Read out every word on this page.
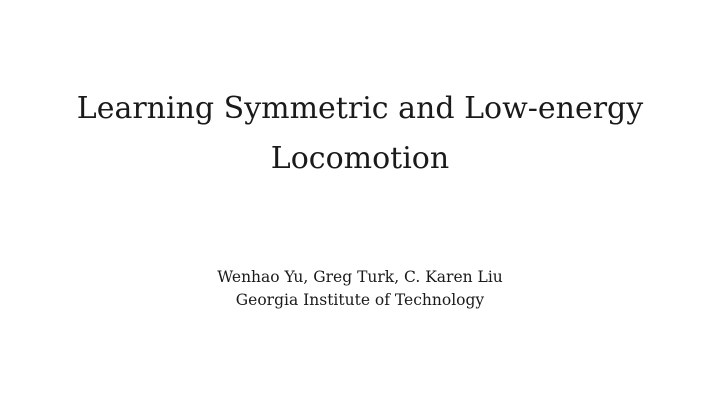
Learning Symmetric and Low-energy
Locomotion
Wenhao Yu, Greg Turk, C. Karen Liu
Georgia Institute of Technology
